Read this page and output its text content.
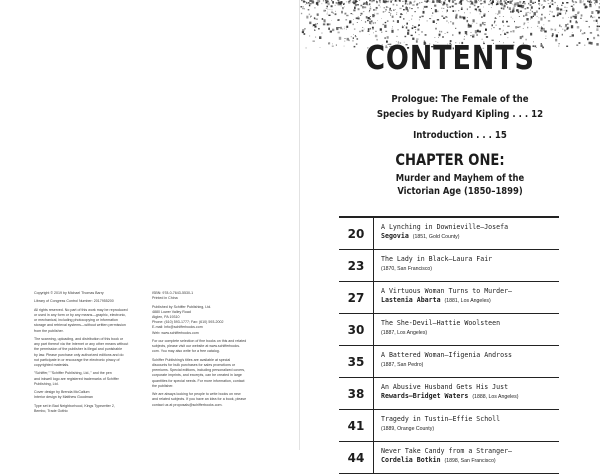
Copyright © 2019 by Michael Thomas Barry

Library of Congress Control Number: 2017955200

All rights reserved. No part of this work may be reproduced
or used in any form or by any means—graphic, electronic,
or mechanical, including photocopying or information
storage and retrieval systems—without written permission
from the publisher.

The scanning, uploading, and distribution of this book or
any part thereof via the Internet or any other means without
the permission of the publisher is illegal and punishable
by law. Please purchase only authorized editions and do
not participate in or encourage the electronic piracy of
copyrighted materials.

"Schiffer," "Schiffer Publishing, Ltd.," and the pen
and inkwell logo are registered trademarks of Schiffer
Publishing, Ltd.

Cover design by Brenda McCallum
Interior design by Matthew Goodman

Type set in Bad Neighborhood, Kings Typewriter 2,
Bembo, Trade Gothic

ISBN: 978-0-7643-5530-1
Printed in China

Published by Schiffer Publishing, Ltd.
4880 Lower Valley Road
Atglen, PA 19310
Phone: (610) 593-1777; Fax: (610) 593-2002
E-mail: Info@schifferbooks.com
Web: www.schifferbooks.com

For our complete selection of fine books on this and related
subjects, please visit our website at www.schifferbooks.
com. You may also write for a free catalog.

Schiffer Publishing's titles are available at special
discounts for bulk purchases for sales promotions or
premiums. Special editions, including personalized covers,
corporate imprints, and excerpts, can be created in large
quantities for special needs. For more information, contact
the publisher.

We are always looking for people to write books on new
and related subjects. If you have an idea for a book, please
contact us at proposals@schifferbooks.com.

CONTENTS
Prologue: The Female of the Species by Rudyard Kipling . . . 12
Introduction . . . 15
CHAPTER ONE:
Murder and Mayhem of the Victorian Age (1850–1899)
20	A Lynching in Downieville–Josefa
Segovia (1851, Gold County)
23	The Lady in Black–Laura Fair
(1870, San Francisco)
27	A Virtuous Woman Turns to Murder–
Lastenia Abarta (1881, Los Angeles)
30	The She-Devil–Hattie Woolsteen
(1887, Los Angeles)
35	A Battered Woman–Ifigenia Andross
(1887, San Pedro)
38	An Abusive Husband Gets His Just
Rewards–Bridget Waters (1888, Los Angeles)
41	Tragedy in Tustin–Effie Scholl
(1889, Orange County)
44	Never Take Candy from a Stranger–
Cordelia Botkin (1898, San Francisco)
